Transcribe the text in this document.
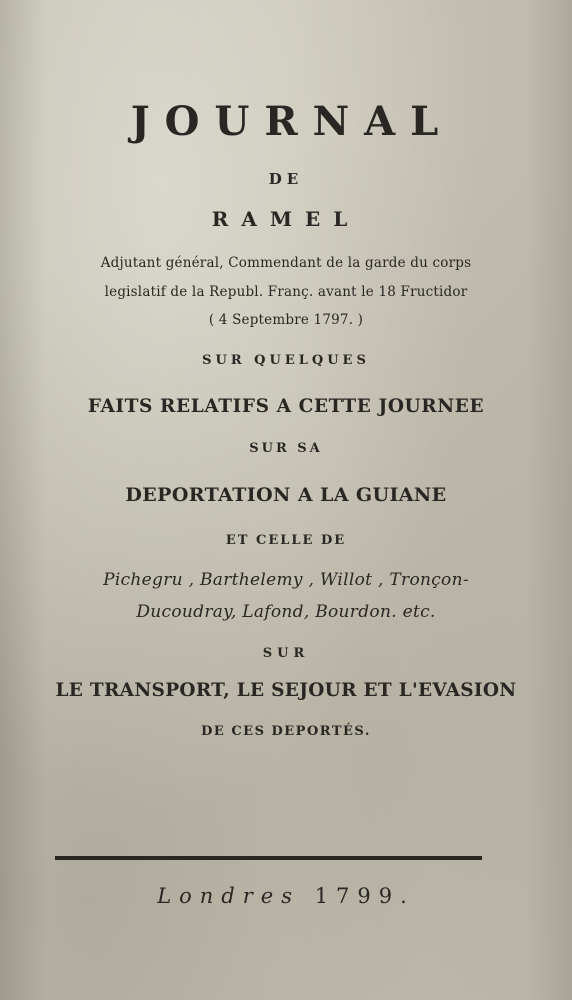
JOURNAL

DE

RAMEL

Adjutant général, Commendant de la garde du corps

legislatif de la Republ. Franç. avant le 18 Fructidor

( 4 Septembre 1797. )

SUR QUELQUES

FAITS RELATIFS A CETTE JOURNEE

SUR SA

DEPORTATION A LA GUIANE

ET CELLE DE

Pichegru , Barthelemy , Willot , Tronçon-

Ducoudray, Lafond, Bourdon. etc.

SUR

LE TRANSPORT, LE SEJOUR ET L'EVASION

DE CES DEPORTÉS.

Londres 1799.
